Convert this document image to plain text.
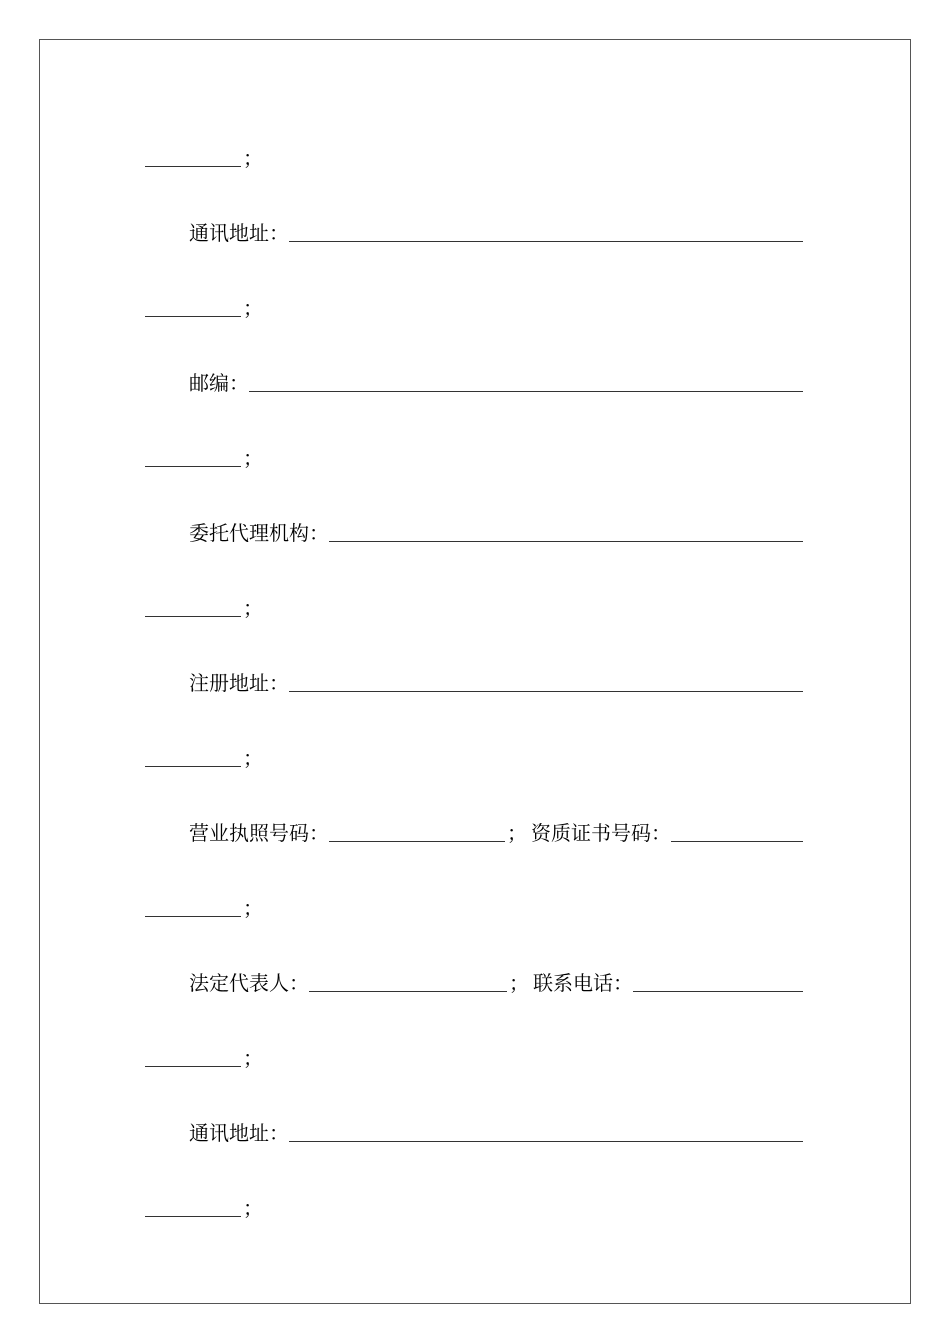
；
通讯地址：
；
邮编：
；
委托代理机构：
；
注册地址：
；
营业执照号码：	； 资质证书号码：
；
法定代表人：	； 联系电话：
；
通讯地址：
；
